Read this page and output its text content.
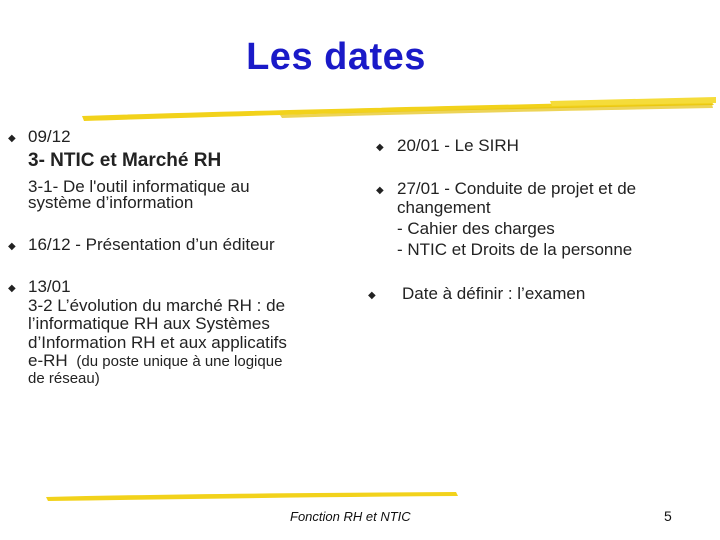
Les dates
◆ 09/12
3- NTIC et Marché RH
3-1- De l'outil informatique au
système d’information
◆ 16/12 - Présentation d’un éditeur
◆ 13/01
3-2 L’évolution du marché RH : de
l’informatique RH aux Systèmes
d’Information RH et aux applicatifs
e-RH (du poste unique à une logique
de réseau)
◆ 20/01 - Le SIRH
◆ 27/01 - Conduite de projet et de
changement
- Cahier des charges
- NTIC et Droits de la personne
◆ Date à définir : l’examen
Fonction RH et NTIC	5
